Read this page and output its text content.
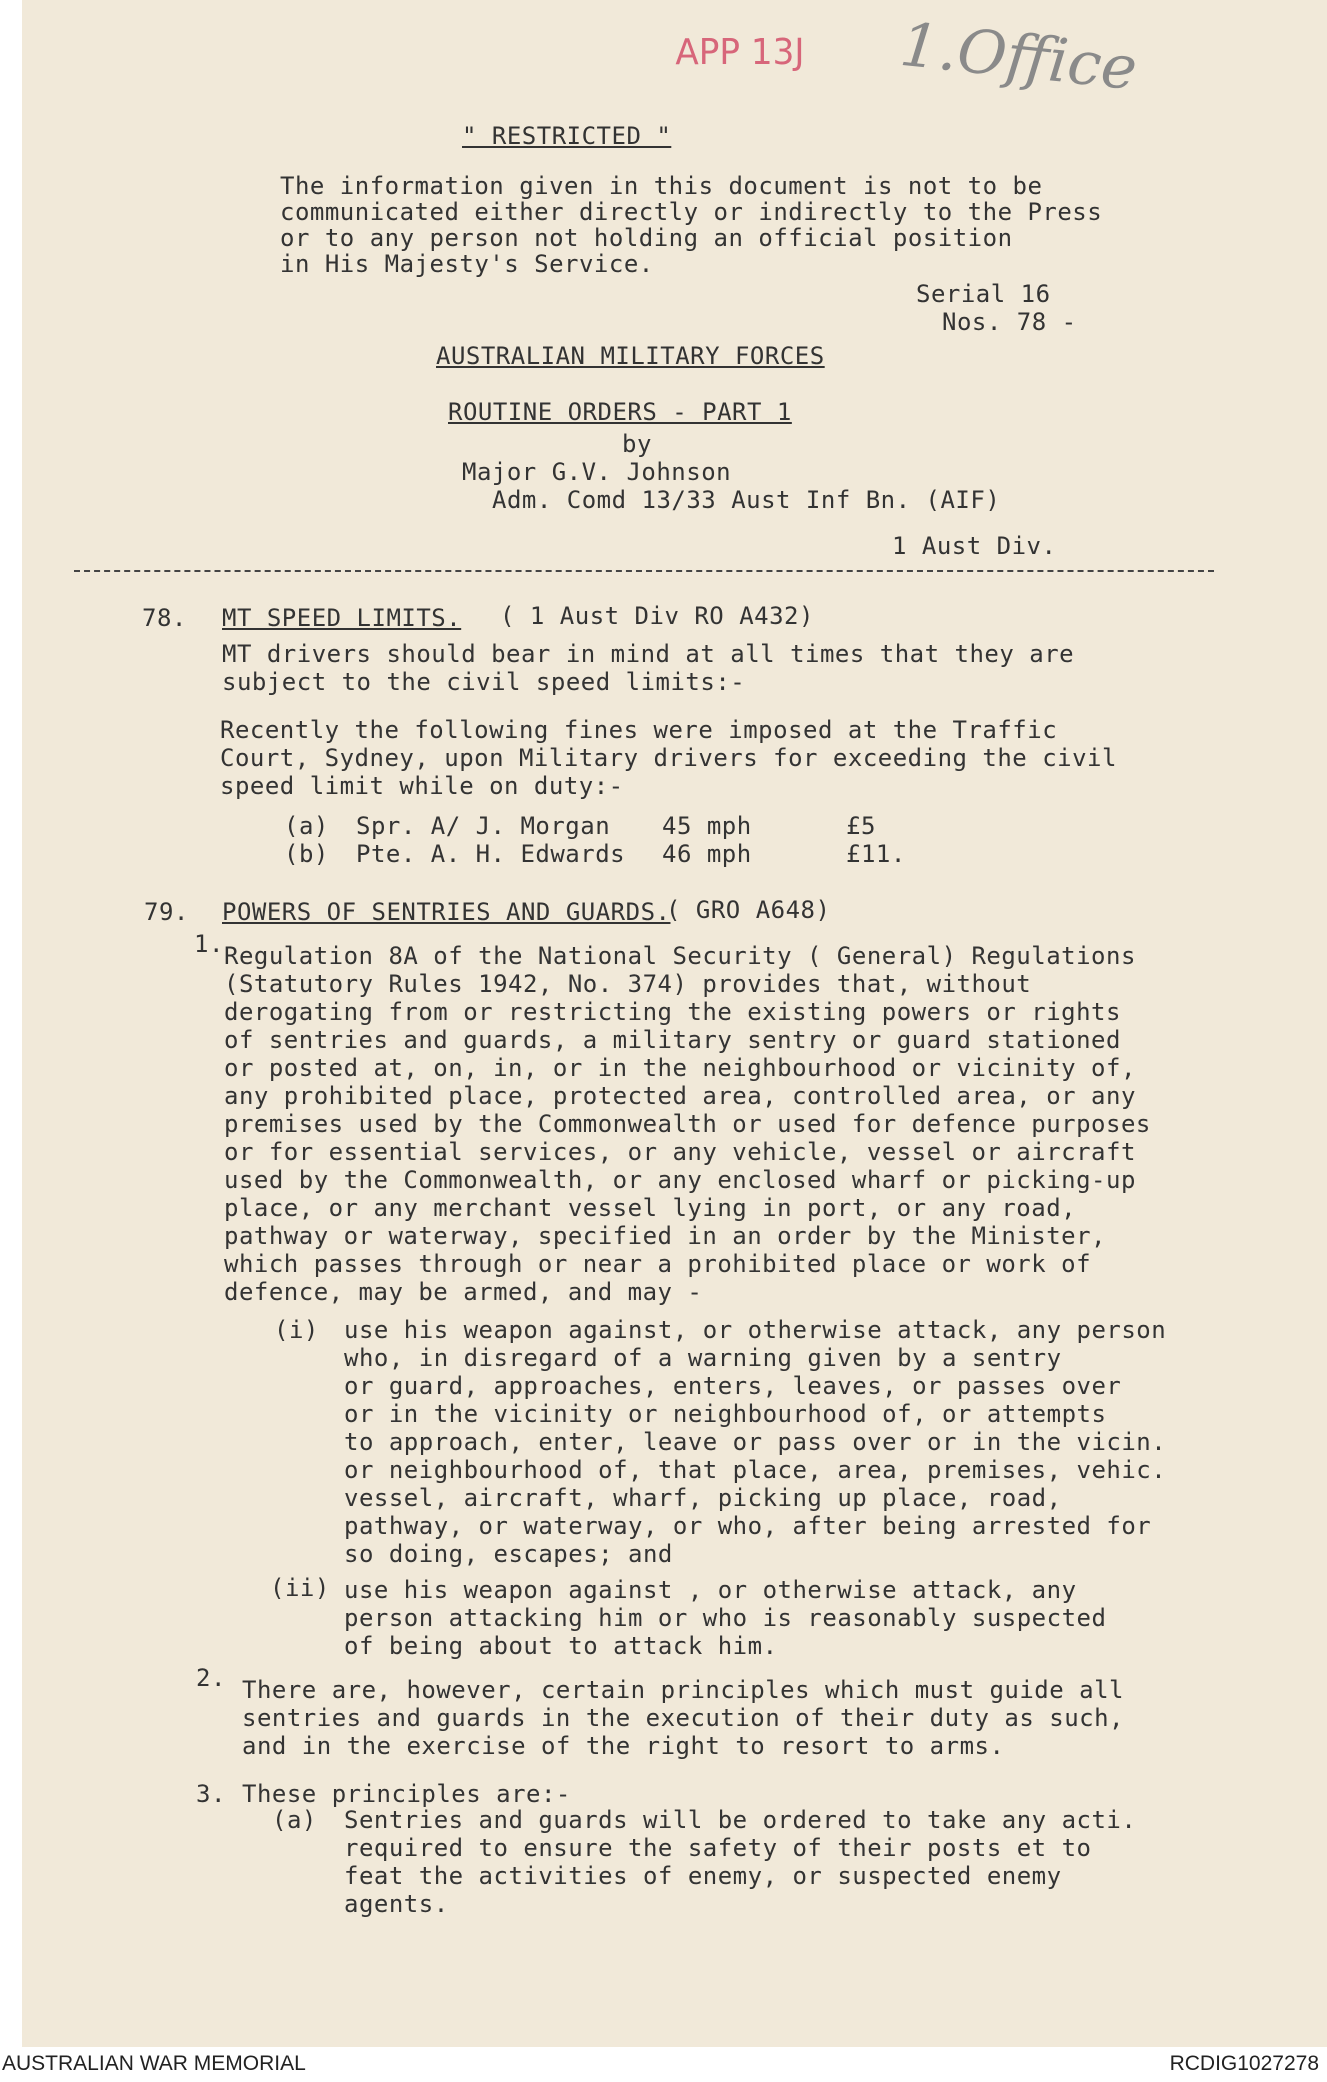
APP 13J 1.Office
" RESTRICTED "
The information given in this document is not to be
communicated either directly or indirectly to the Press
or to any person not holding an official position
in His Majesty's Service.
Serial 16
Nos. 78 -
AUSTRALIAN MILITARY FORCES
ROUTINE ORDERS - PART 1
by
Major G.V. Johnson
Adm. Comd 13/33 Aust Inf Bn. (AIF)
1 Aust Div.
78. MT SPEED LIMITS. ( 1 Aust Div RO A432)
MT drivers should bear in mind at all times that they are
subject to the civil speed limits:-
Recently the following fines were imposed at the Traffic
Court, Sydney, upon Military drivers for exceeding the civil
speed limit while on duty:-
(a) Spr. A/ J. Morgan 45 mph	£5
(b) Pte. A. H. Edwards 46 mph	£11.
79. POWERS OF SENTRIES AND GUARDS.
( GRO A648)
1. Regulation 8A of the National Security ( General) Regulations
(Statutory Rules 1942, No. 374) provides that, without
derogating from or restricting the existing powers or rights
of sentries and guards, a military sentry or guard stationed
or posted at, on, in, or in the neighbourhood or vicinity of,
any prohibited place, protected area, controlled area, or any
premises used by the Commonwealth or used for defence purposes
or for essential services, or any vehicle, vessel or aircraft
used by the Commonwealth, or any enclosed wharf or picking-up
place, or any merchant vessel lying in port, or any road,
pathway or waterway, specified in an order by the Minister,
which passes through or near a prohibited place or work of
defence, may be armed, and may -
(i) use his weapon against, or otherwise attack, any person
who, in disregard of a warning given by a sentry
or guard, approaches, enters, leaves, or passes over
or in the vicinity or neighbourhood of, or attempts
to approach, enter, leave or pass over or in the vicin.
or neighbourhood of, that place, area, premises, vehic.
vessel, aircraft, wharf, picking up place, road,
pathway, or waterway, or who, after being arrested for
so doing, escapes; and
(ii) use his weapon against , or otherwise attack, any
person attacking him or who is reasonably suspected
of being about to attack him.
2. There are, however, certain principles which must guide all
sentries and guards in the execution of their duty as such,
and in the exercise of the right to resort to arms.
3. These principles are:-
(a) Sentries and guards will be ordered to take any acti.
required to ensure the safety of their posts et to
feat the activities of enemy, or suspected enemy
agents.
AUSTRALIAN WAR MEMORIAL	RCDIG1027278
